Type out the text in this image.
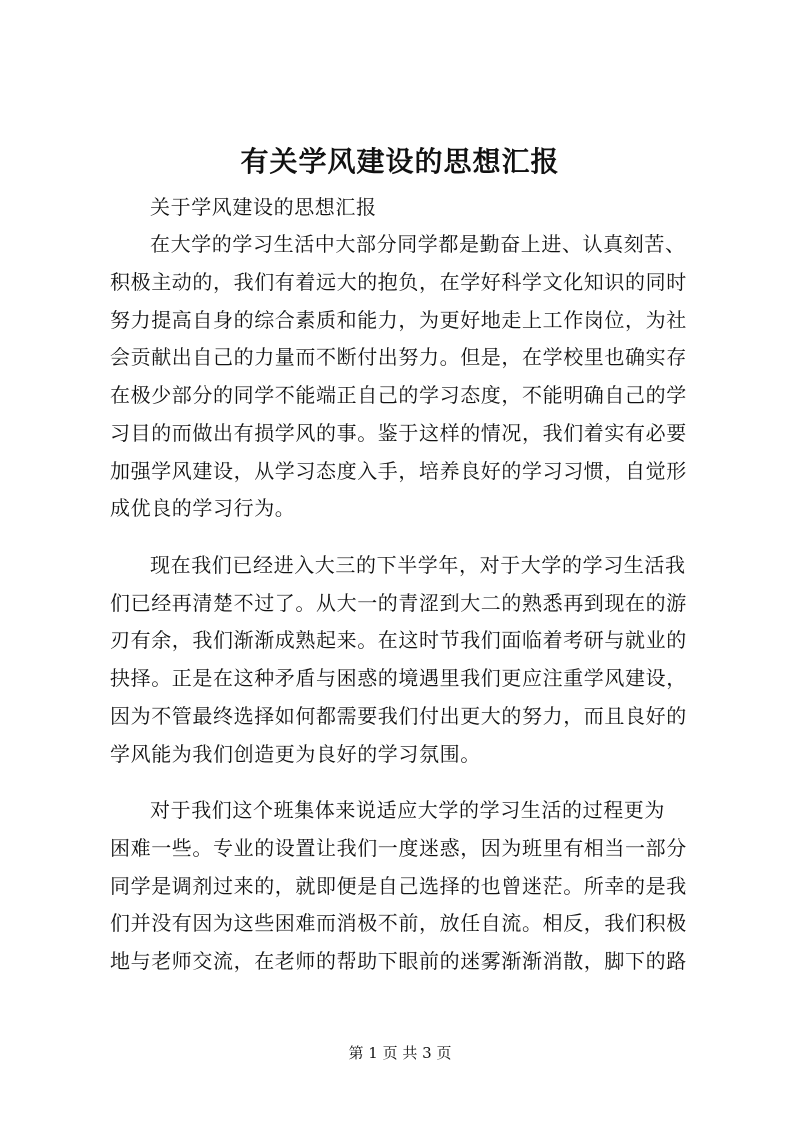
有关学风建设的思想汇报
关于学风建设的思想汇报
在大学的学习生活中大部分同学都是勤奋上进、认真刻苦、
积极主动的，我们有着远大的抱负，在学好科学文化知识的同时
努力提高自身的综合素质和能力，为更好地走上工作岗位，为社
会贡献出自己的力量而不断付出努力。但是，在学校里也确实存
在极少部分的同学不能端正自己的学习态度，不能明确自己的学
习目的而做出有损学风的事。鉴于这样的情况，我们着实有必要
加强学风建设，从学习态度入手，培养良好的学习习惯，自觉形
成优良的学习行为。
现在我们已经进入大三的下半学年，对于大学的学习生活我
们已经再清楚不过了。从大一的青涩到大二的熟悉再到现在的游
刃有余，我们渐渐成熟起来。在这时节我们面临着考研与就业的
抉择。正是在这种矛盾与困惑的境遇里我们更应注重学风建设，
因为不管最终选择如何都需要我们付出更大的努力，而且良好的
学风能为我们创造更为良好的学习氛围。
对于我们这个班集体来说适应大学的学习生活的过程更为
困难一些。专业的设置让我们一度迷惑，因为班里有相当一部分
同学是调剂过来的，就即便是自己选择的也曾迷茫。所幸的是我
们并没有因为这些困难而消极不前，放任自流。相反，我们积极
地与老师交流，在老师的帮助下眼前的迷雾渐渐消散，脚下的路
第 1 页 共 3 页
